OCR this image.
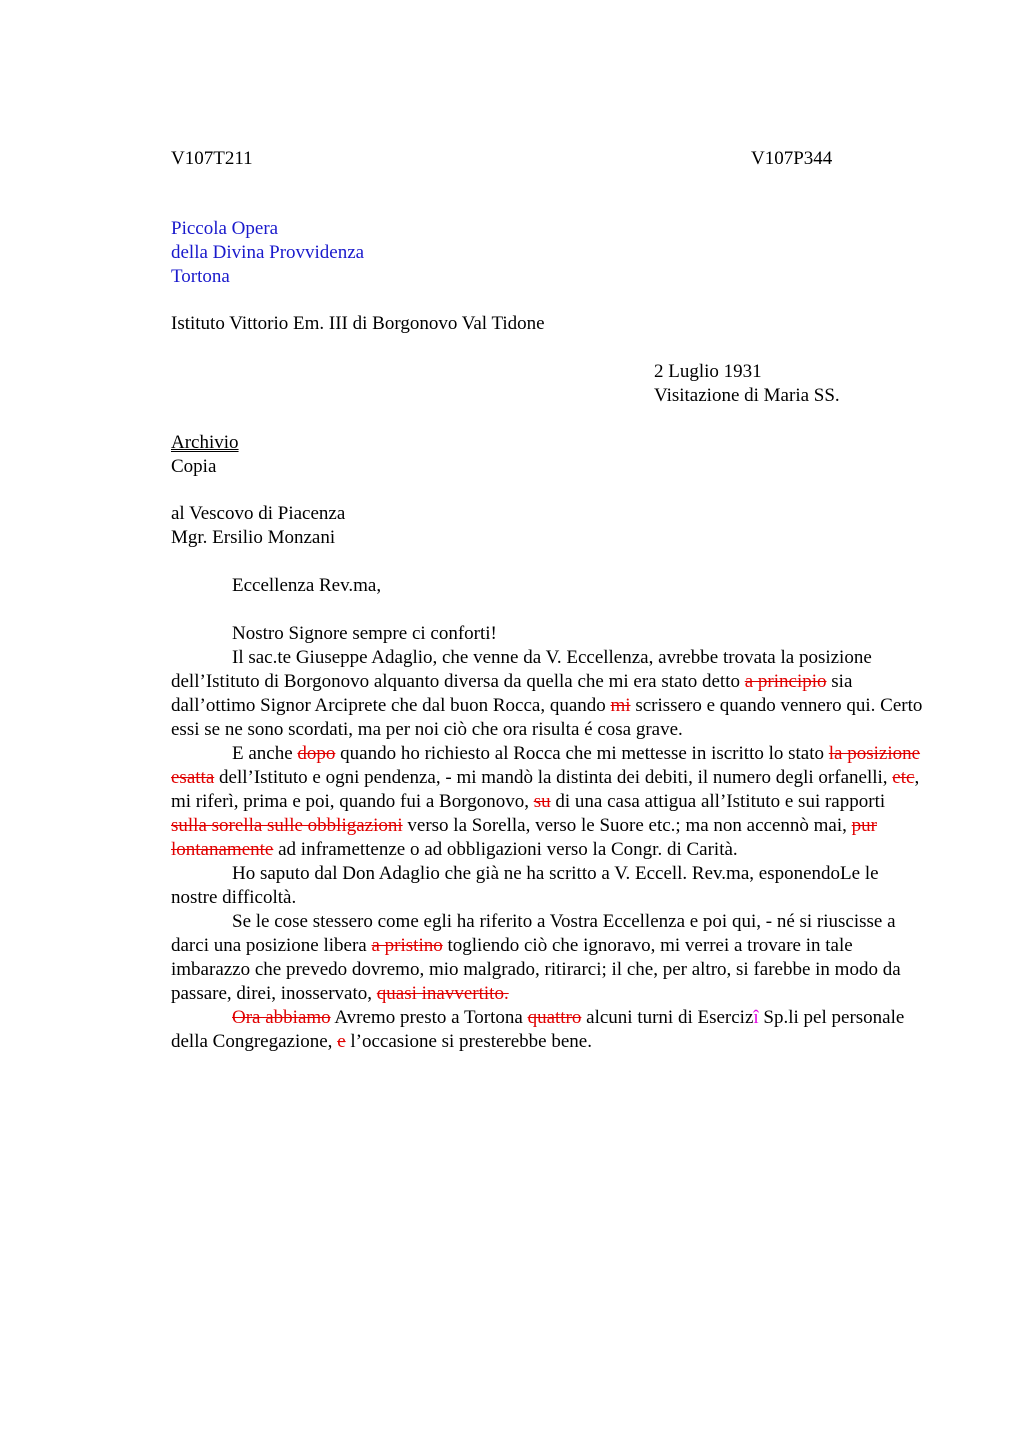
V107T211	V107P344
Piccola Opera
della Divina Provvidenza
Tortona
Istituto Vittorio Em. III di Borgonovo Val Tidone
2 Luglio 1931
Visitazione di Maria SS.
Archivio
Copia
al Vescovo di Piacenza
Mgr. Ersilio Monzani
Eccellenza Rev.ma,

Nostro Signore sempre ci conforti!

Il sac.te Giuseppe Adaglio, che venne da V. Eccellenza, avrebbe trovata la posizione dell’Istituto di Borgonovo alquanto diversa da quella che mi era stato detto a principio sia dall’ottimo Signor Arciprete che dal buon Rocca, quando mi scrissero e quando vennero qui. Certo essi se ne sono scordati, ma per noi ciò che ora risulta é cosa grave.

E anche dopo quando ho richiesto al Rocca che mi mettesse in iscritto lo stato la posizione esatta dell’Istituto e ogni pendenza, - mi mandò la distinta dei debiti, il numero degli orfanelli, etc, mi riferì, prima e poi, quando fui a Borgonovo, su di una casa attigua all’Istituto e sui rapporti sulla sorella sulle obbligazioni verso la Sorella, verso le Suore etc.; ma non accennò mai, pur lontanamente ad inframettenze o ad obbligazioni verso la Congr. di Carità.

Ho saputo dal Don Adaglio che già ne ha scritto a V. Eccell. Rev.ma, esponendoLe le nostre difficoltà.

Se le cose stessero come egli ha riferito a Vostra Eccellenza e poi qui, - né si riuscisse a darci una posizione libera a pristino togliendo ciò che ignoravo, mi verrei a trovare in tale imbarazzo che prevedo dovremo, mio malgrado, ritirarci; il che, per altro, si farebbe in modo da passare, direi, inosservato, quasi inavvertito.

Ora abbiamo Avremo presto a Tortona quattro alcuni turni di Esercizî Sp.li pel personale della Congregazione, e l’occasione si presterebbe bene.
